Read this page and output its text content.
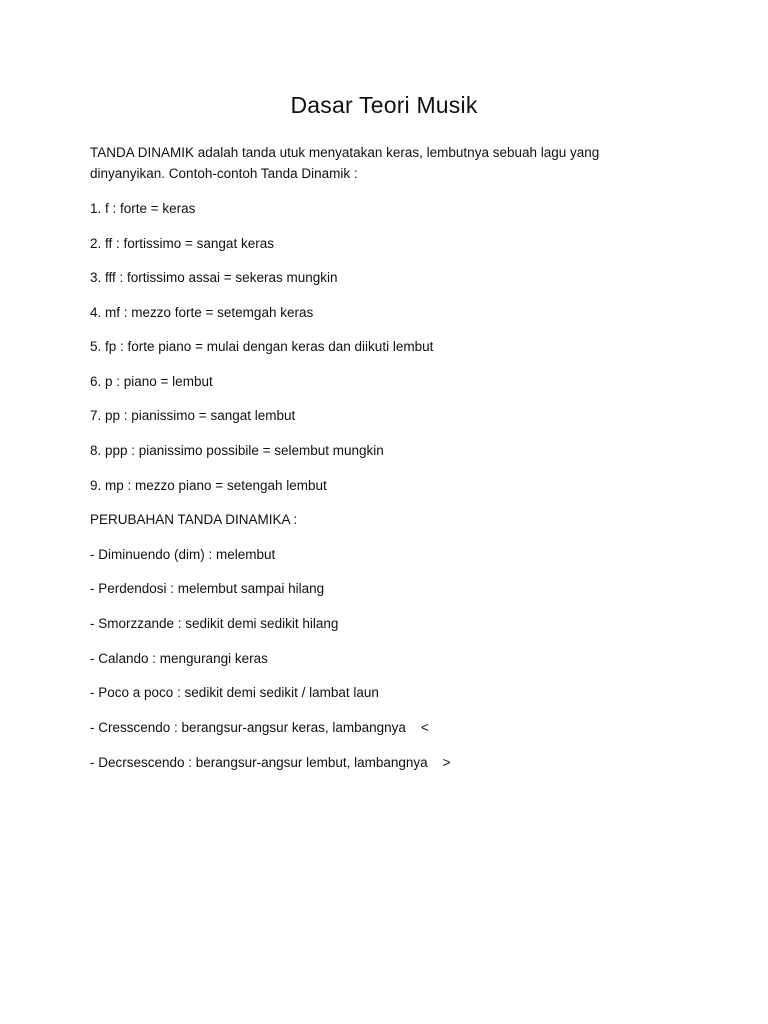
Dasar Teori Musik

TANDA DINAMIK adalah tanda utuk menyatakan keras, lembutnya sebuah lagu yang dinyanyikan. Contoh-contoh Tanda Dinamik :

1. f : forte = keras

2. ff : fortissimo = sangat keras

3. fff : fortissimo assai = sekeras mungkin

4. mf : mezzo forte = setemgah keras

5. fp : forte piano = mulai dengan keras dan diikuti lembut

6. p : piano = lembut

7. pp : pianissimo = sangat lembut

8. ppp : pianissimo possibile = selembut mungkin

9. mp : mezzo piano = setengah lembut

PERUBAHAN TANDA DINAMIKA :

- Diminuendo (dim) : melembut

- Perdendosi : melembut sampai hilang

- Smorzzande : sedikit demi sedikit hilang

- Calando : mengurangi keras

- Poco a poco : sedikit demi sedikit / lambat laun

- Cresscendo : berangsur-angsur keras, lambangnya    <

- Decrsescendo : berangsur-angsur lembut, lambangnya    >
